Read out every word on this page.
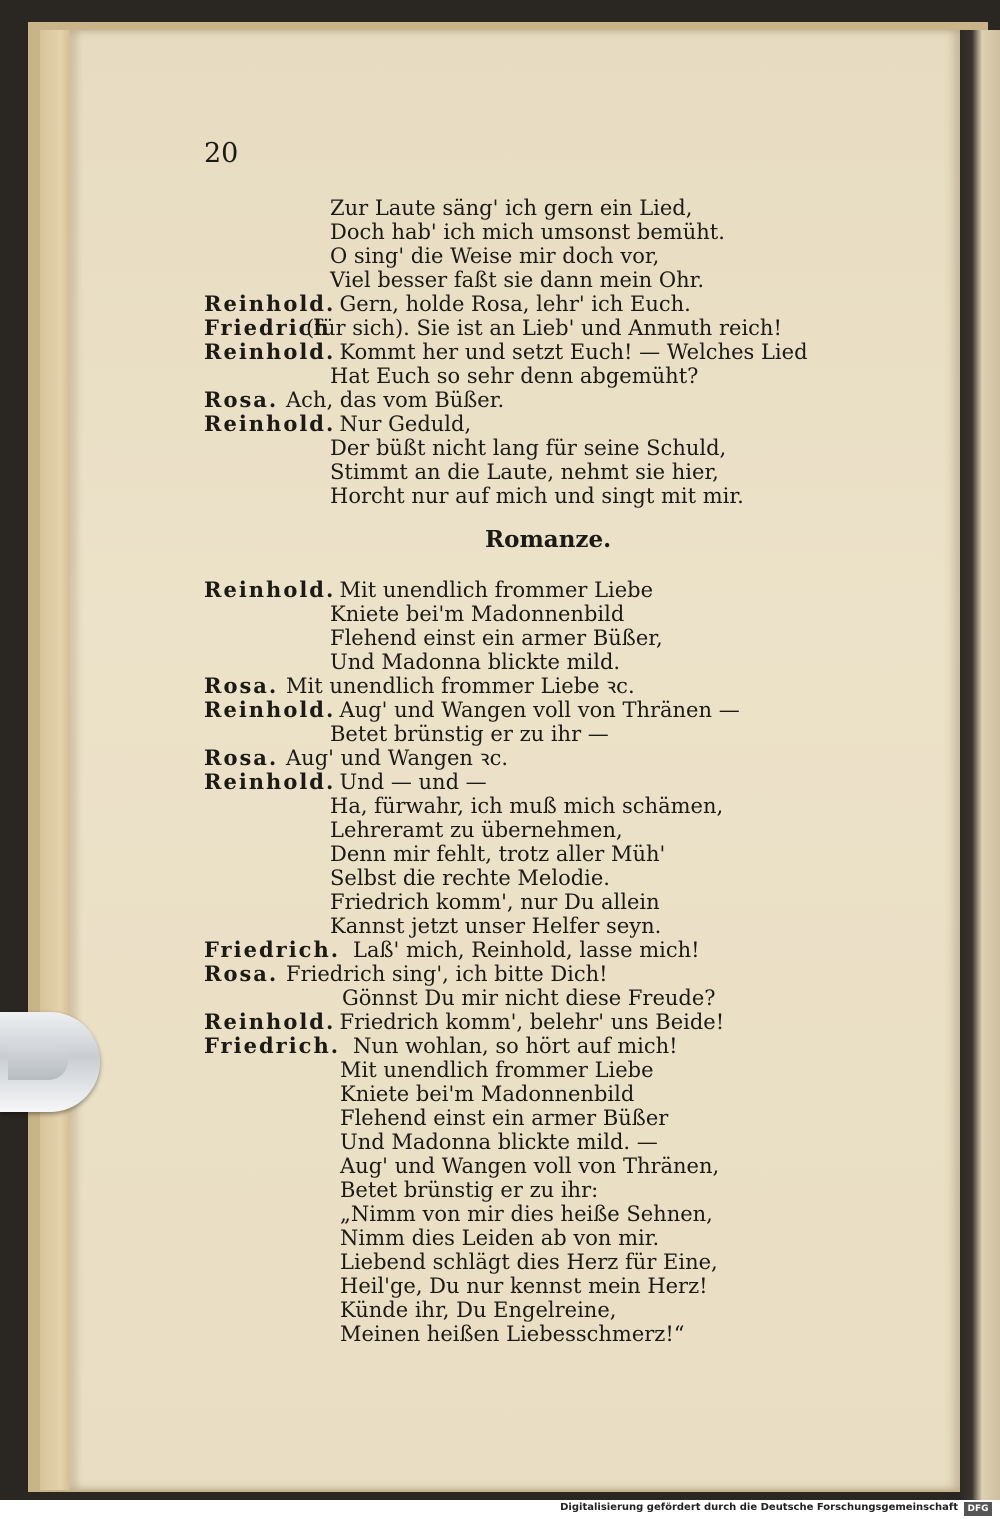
20
Romanze.
Zur Laute säng' ich gern ein Lied,
Doch hab' ich mich umsonst bemüht.
O sing' die Weise mir doch vor,
Viel besser faßt sie dann mein Ohr.
Reinhold. Gern, holde Rosa, lehr' ich Euch.
Friedrich
(für sich). Sie ist an Lieb' und Anmuth reich!
Reinhold. Kommt her und setzt Euch! — Welches Lied
Hat Euch so sehr denn abgemüht?
Rosa. Ach, das vom Büßer.
Reinhold. Nur Geduld,
Der büßt nicht lang für seine Schuld,
Stimmt an die Laute, nehmt sie hier,
Horcht nur auf mich und singt mit mir.
Reinhold. Mit unendlich frommer Liebe
Kniete bei'm Madonnenbild
Flehend einst ein armer Büßer,
Und Madonna blickte mild.
Rosa. Mit unendlich frommer Liebe ꝛc.
Reinhold. Aug' und Wangen voll von Thränen —
Betet brünstig er zu ihr —
Rosa. Aug' und Wangen ꝛc.
Reinhold. Und — und —
Ha, fürwahr, ich muß mich schämen,
Lehreramt zu übernehmen,
Denn mir fehlt, trotz aller Müh'
Selbst die rechte Melodie.
Friedrich komm', nur Du allein
Kannst jetzt unser Helfer seyn.
Friedrich. Laß' mich, Reinhold, lasse mich!
Rosa. Friedrich sing', ich bitte Dich!
Gönnst Du mir nicht diese Freude?
Reinhold. Friedrich komm', belehr' uns Beide!
Friedrich. Nun wohlan, so hört auf mich!
Mit unendlich frommer Liebe
Kniete bei'm Madonnenbild
Flehend einst ein armer Büßer
Und Madonna blickte mild. —
Aug' und Wangen voll von Thränen,
Betet brünstig er zu ihr:
„Nimm von mir dies heiße Sehnen,
Nimm dies Leiden ab von mir.
Liebend schlägt dies Herz für Eine,
Heil'ge, Du nur kennst mein Herz!
Künde ihr, Du Engelreine,
Meinen heißen Liebesschmerz!“
Digitalisierung gefördert durch die Deutsche Forschungsgemeinschaft	DFG
